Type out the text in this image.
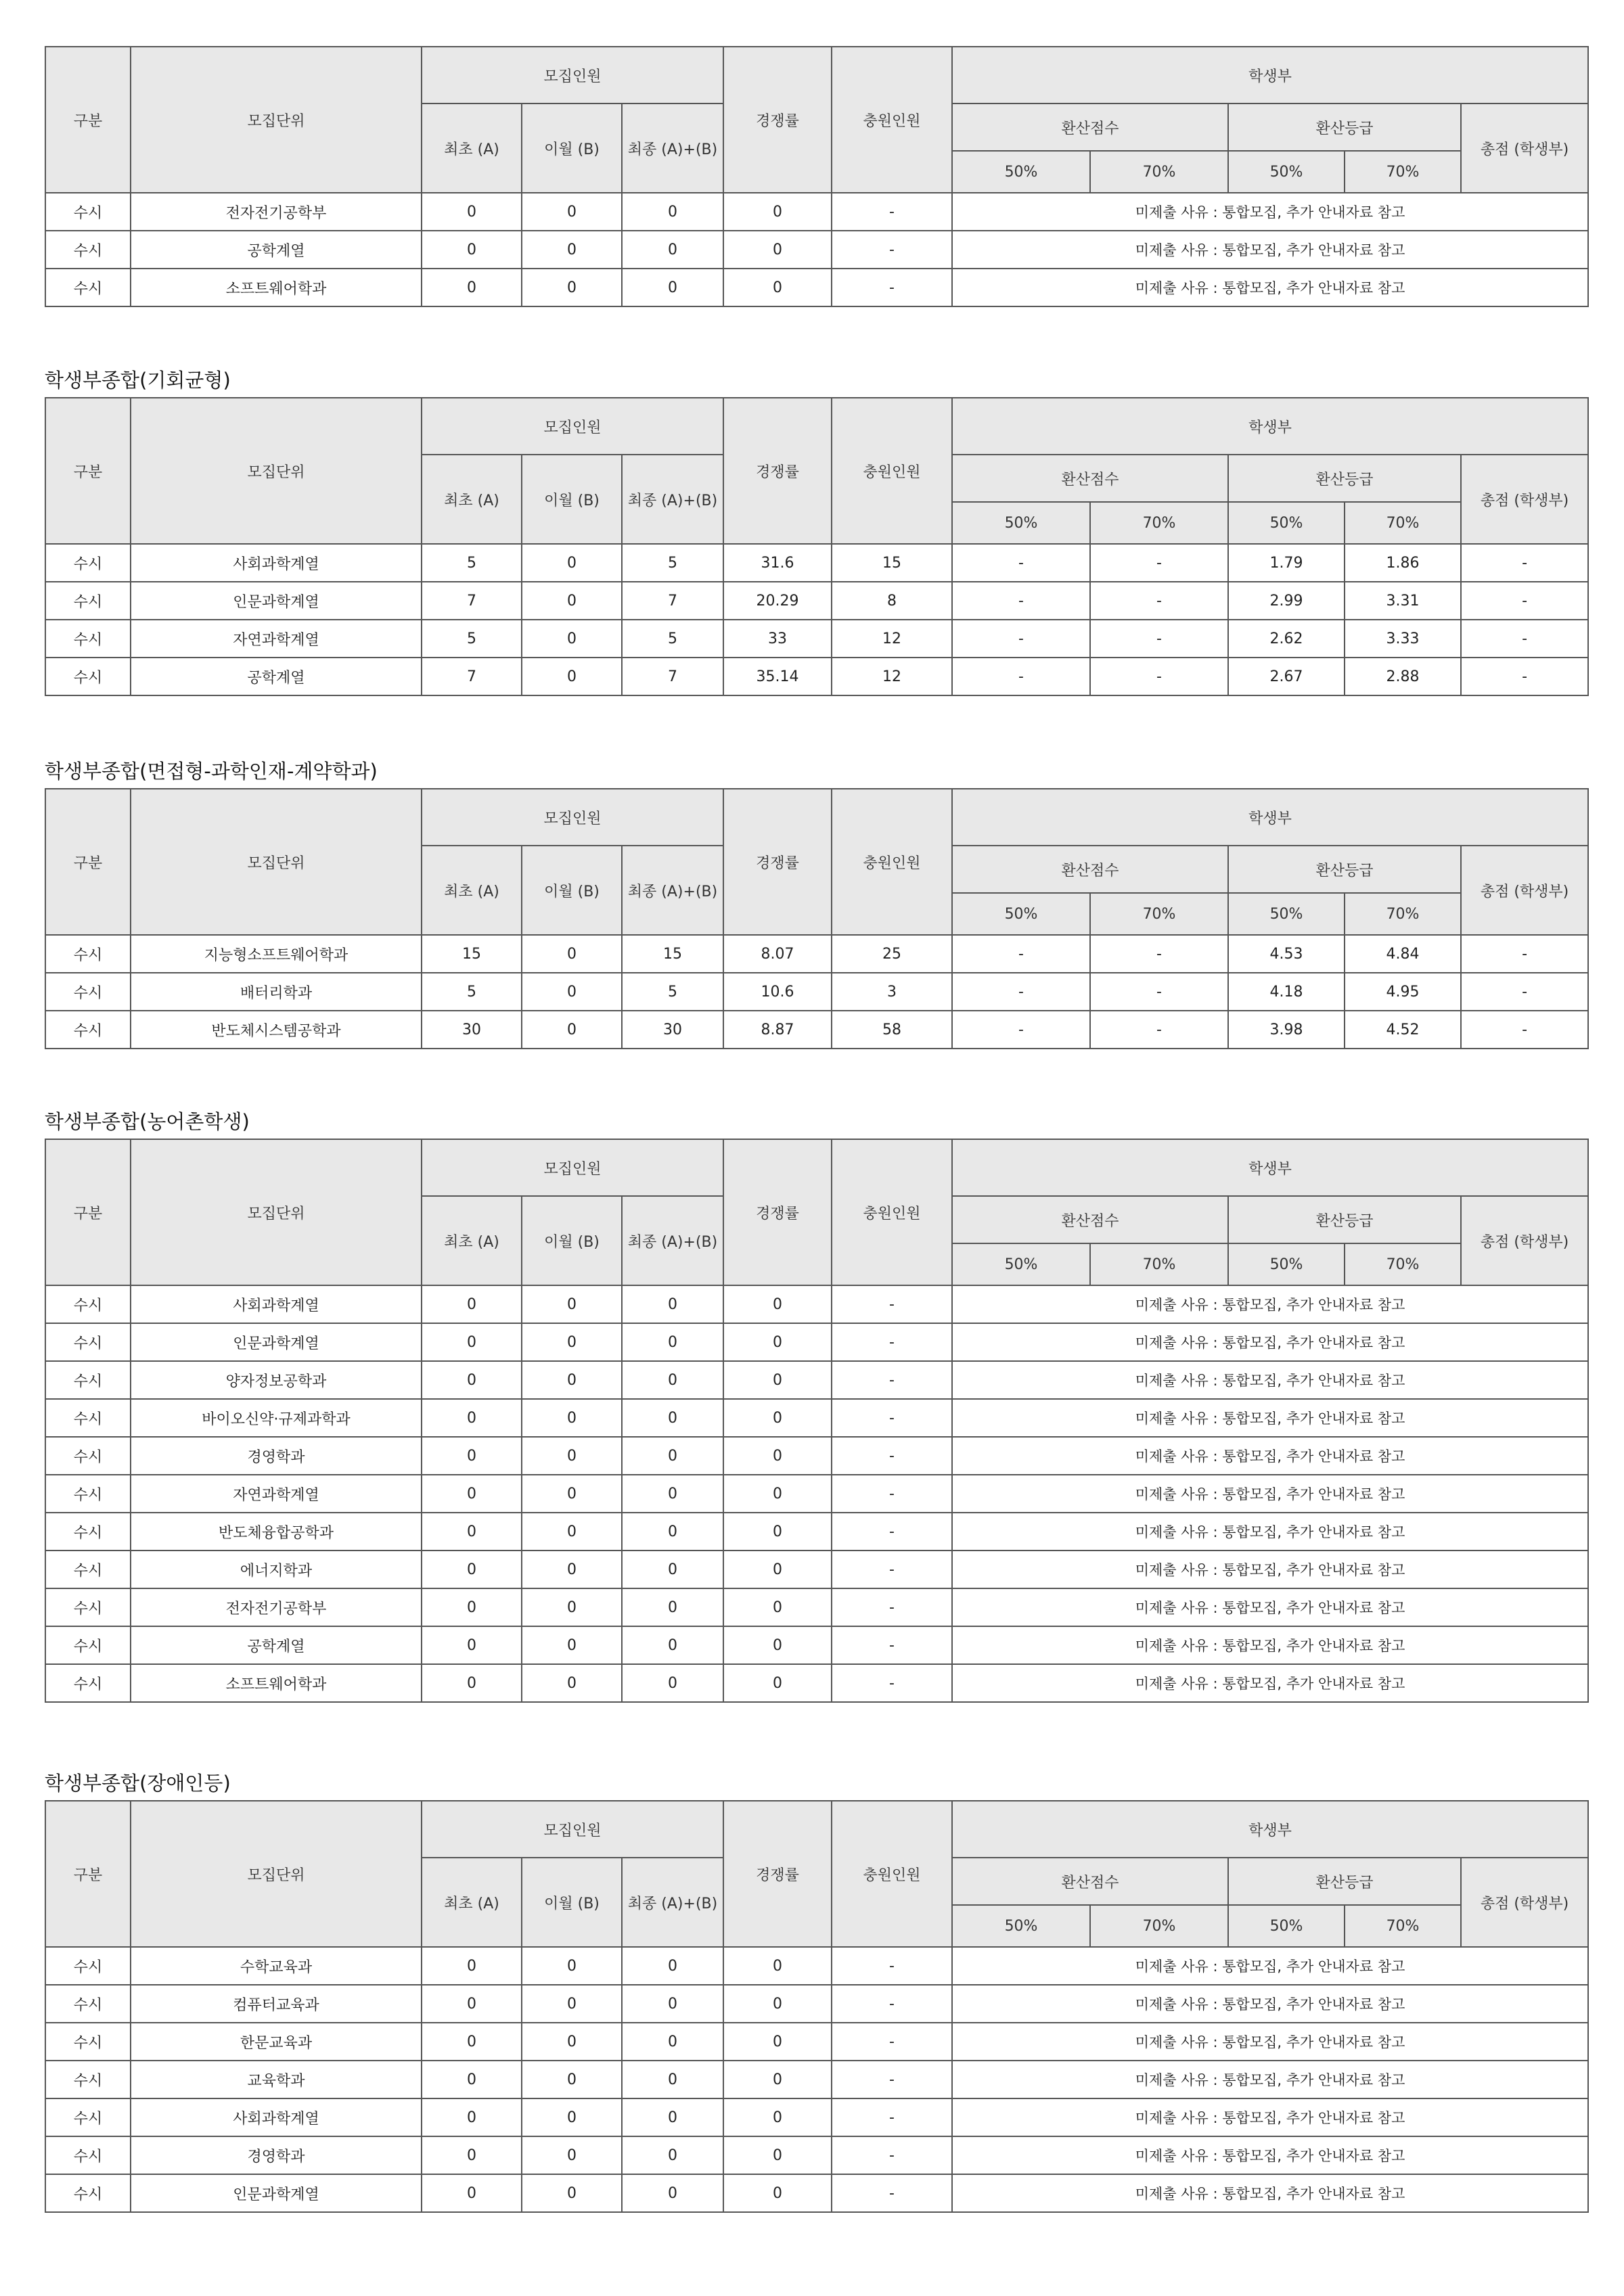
구분	모집단위	모집인원			경쟁률	충원인원	학생부				
		최초 (A)	이월 (B)	최종 (A)+(B)			환산점수		환산등급		총점 (학생부)
							50%	70%	50%	70%	
수시	전자전기공학부	0	0	0	0	-	미제출 사유 : 통합모집, 추가 안내자료 참고				
수시	공학계열	0	0	0	0	-	미제출 사유 : 통합모집, 추가 안내자료 참고				
수시	소프트웨어학과	0	0	0	0	-	미제출 사유 : 통합모집, 추가 안내자료 참고				
학생부종합(기회균형)
구분	모집단위	모집인원			경쟁률	충원인원	학생부				
		최초 (A)	이월 (B)	최종 (A)+(B)			환산점수		환산등급		총점 (학생부)
							50%	70%	50%	70%	
수시	사회과학계열	5	0	5	31.6	15	-	-	1.79	1.86	-
수시	인문과학계열	7	0	7	20.29	8	-	-	2.99	3.31	-
수시	자연과학계열	5	0	5	33	12	-	-	2.62	3.33	-
수시	공학계열	7	0	7	35.14	12	-	-	2.67	2.88	-
학생부종합(면접형-과학인재-계약학과)
구분	모집단위	모집인원			경쟁률	충원인원	학생부				
		최초 (A)	이월 (B)	최종 (A)+(B)			환산점수		환산등급		총점 (학생부)
							50%	70%	50%	70%	
수시	지능형소프트웨어학과	15	0	15	8.07	25	-	-	4.53	4.84	-
수시	배터리학과	5	0	5	10.6	3	-	-	4.18	4.95	-
수시	반도체시스템공학과	30	0	30	8.87	58	-	-	3.98	4.52	-
학생부종합(농어촌학생)
구분	모집단위	모집인원			경쟁률	충원인원	학생부				
		최초 (A)	이월 (B)	최종 (A)+(B)			환산점수		환산등급		총점 (학생부)
							50%	70%	50%	70%	
수시	사회과학계열	0	0	0	0	-	미제출 사유 : 통합모집, 추가 안내자료 참고				
수시	인문과학계열	0	0	0	0	-	미제출 사유 : 통합모집, 추가 안내자료 참고				
수시	양자정보공학과	0	0	0	0	-	미제출 사유 : 통합모집, 추가 안내자료 참고				
수시	바이오신약·규제과학과	0	0	0	0	-	미제출 사유 : 통합모집, 추가 안내자료 참고				
수시	경영학과	0	0	0	0	-	미제출 사유 : 통합모집, 추가 안내자료 참고				
수시	자연과학계열	0	0	0	0	-	미제출 사유 : 통합모집, 추가 안내자료 참고				
수시	반도체융합공학과	0	0	0	0	-	미제출 사유 : 통합모집, 추가 안내자료 참고				
수시	에너지학과	0	0	0	0	-	미제출 사유 : 통합모집, 추가 안내자료 참고				
수시	전자전기공학부	0	0	0	0	-	미제출 사유 : 통합모집, 추가 안내자료 참고				
수시	공학계열	0	0	0	0	-	미제출 사유 : 통합모집, 추가 안내자료 참고				
수시	소프트웨어학과	0	0	0	0	-	미제출 사유 : 통합모집, 추가 안내자료 참고				
학생부종합(장애인등)
구분	모집단위	모집인원			경쟁률	충원인원	학생부				
		최초 (A)	이월 (B)	최종 (A)+(B)			환산점수		환산등급		총점 (학생부)
							50%	70%	50%	70%	
수시	수학교육과	0	0	0	0	-	미제출 사유 : 통합모집, 추가 안내자료 참고				
수시	컴퓨터교육과	0	0	0	0	-	미제출 사유 : 통합모집, 추가 안내자료 참고				
수시	한문교육과	0	0	0	0	-	미제출 사유 : 통합모집, 추가 안내자료 참고				
수시	교육학과	0	0	0	0	-	미제출 사유 : 통합모집, 추가 안내자료 참고				
수시	사회과학계열	0	0	0	0	-	미제출 사유 : 통합모집, 추가 안내자료 참고				
수시	경영학과	0	0	0	0	-	미제출 사유 : 통합모집, 추가 안내자료 참고				
수시	인문과학계열	0	0	0	0	-	미제출 사유 : 통합모집, 추가 안내자료 참고				
